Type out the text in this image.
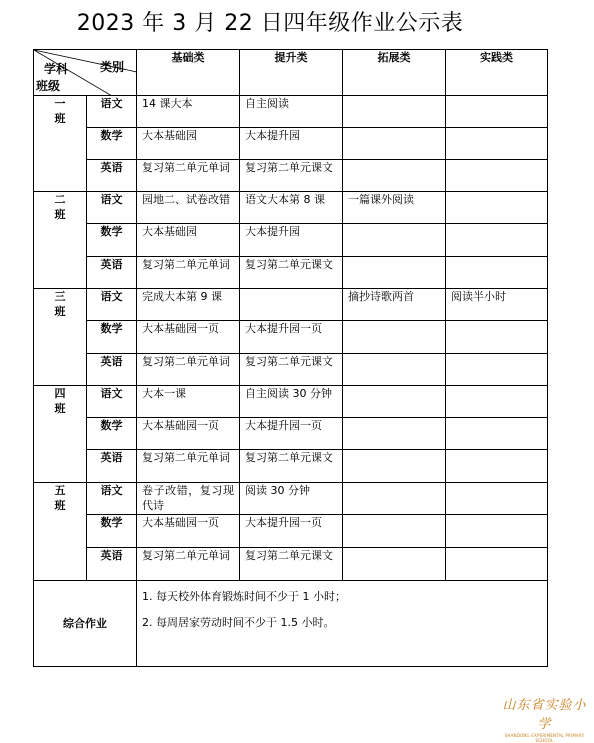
2023 年 3 月 22 日四年级作业公示表
类别
学科
班级		基础类	提升类	拓展类	实践类

一
班	语文	14 课大本	自主阅读		
	数学	大本基础园	大本提升园		
	英语	复习第二单元单词	复习第二单元课文		

二
班	语文	园地二、试卷改错	语文大本第 8 课	一篇课外阅读	
	数学	大本基础园	大本提升园		
	英语	复习第二单元单词	复习第二单元课文		

三
班	语文	完成大本第 9 课		摘抄诗歌两首	阅读半小时
	数学	大本基础园一页	大本提升园一页		
	英语	复习第二单元单词	复习第二单元课文		

四
班	语文	大本一课	自主阅读 30 分钟		
	数学	大本基础园一页	大本提升园一页		
	英语	复习第二单元单词	复习第二单元课文		

五
班	语文	卷子改错，复习现代诗	阅读 30 分钟		
	数学	大本基础园一页	大本提升园一页		
	英语	复习第二单元单词	复习第二单元课文		
综合作业		1. 每天校外体育锻炼时间不少于 1 小时；

2. 每周居家劳动时间不少于 1.5 小时。			

山东省实验小学
SHANDONG EXPERIMENTAL PRIMARY SCHOOL
